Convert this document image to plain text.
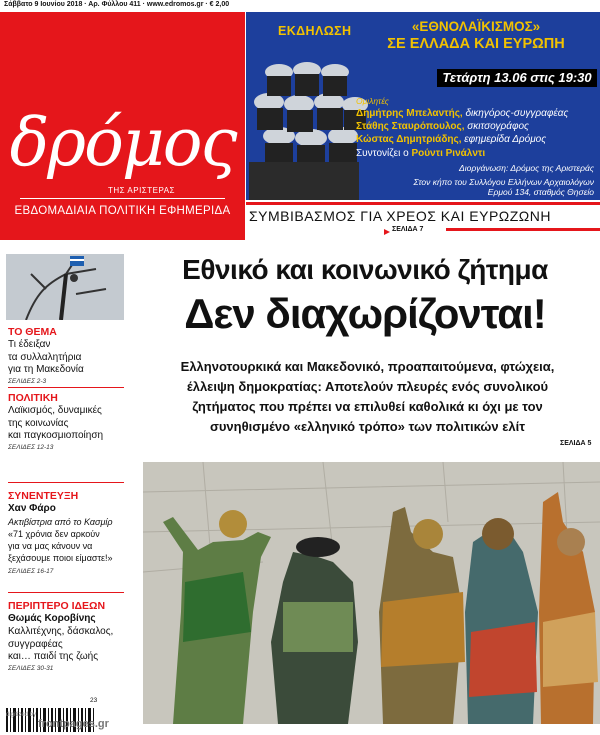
Σάββατο 9 Ιουνίου 2018 · Αρ. Φύλλου 411 · www.edromos.gr · € 2,00
δρόμος
ΤΗΣ ΑΡΙΣΤΕΡΑΣ
ΕΒΔΟΜΑΔΙΑΙΑ ΠΟΛΙΤΙΚΗ ΕΦΗΜΕΡΙΔΑ
ΕΚΔΗΛΩΣΗ	«ΕΘΝΟΛΑΪΚΙΣΜΟΣ»
ΣΕ ΕΛΛΑΔΑ ΚΑΙ ΕΥΡΩΠΗ
Τετάρτη 13.06 στις 19:30
Ομιλητές
Δημήτρης Μπελαντής, δικηγόρος-συγγραφέας
Στάθης Σταυρόπουλος, σκιτσογράφος
Κώστας Δημητριάδης, εφημερίδα Δρόμος
Συντονίζει ο Ρούντι Ρινάλντι
Διοργάνωση: Δρόμος της Αριστεράς
Στον κήπο του Συλλόγου Ελλήνων Αρχαιολόγων
Ερμού 134, σταθμός Θησείο
ΣΥΜΒΙΒΑΣΜΟΣ ΓΙΑ ΧΡΕΟΣ ΚΑΙ ΕΥΡΩΖΩΝΗ
ΣΕΛΙΔΑ 7
ΤΟ ΘΕΜΑ
Τι έδειξαν
τα συλλαλητήρια
για τη Μακεδονία
ΣΕΛΙΔΕΣ 2-3
ΠΟΛΙΤΙΚΗ
Λαϊκισμός, δυναμικές
της κοινωνίας
και παγκοσμιοποίηση
ΣΕΛΙΔΕΣ 12-13
ΣΥΝΕΝΤΕΥΞΗ
Χαν Φάρο
Ακτιβίστρια από το Κασμίρ
«71 χρόνια δεν αρκούν
για να μας κάνουν να
ξεχάσουμε ποιοι είμαστε!»
ΣΕΛΙΔΕΣ 16-17
ΠΕΡΙΠΤΕΡΟ ΙΔΕΩΝ
Θωμάς Κοροβίνης
Καλλιτέχνης, δάσκαλος,
συγγραφέας
και… παιδί της ζωής
ΣΕΛΙΔΕΣ 30-31
Εθνικό και κοινωνικό ζήτημα
Δεν διαχωρίζονται!
Ελληνοτουρκικά και Μακεδονικό, προαπαιτούμενα, φτώχεια,
έλλειψη δημοκρατίας: Αποτελούν πλευρές ενός συνολικού
ζητήματος που πρέπει να επιλυθεί καθολικά κι όχι με τον
συνηθισμένο «ελληνικό τρόπο» των πολιτικών ελίτ
ΣΕΛΙΔΑ 5
23
digitized by
frontpages.gr
